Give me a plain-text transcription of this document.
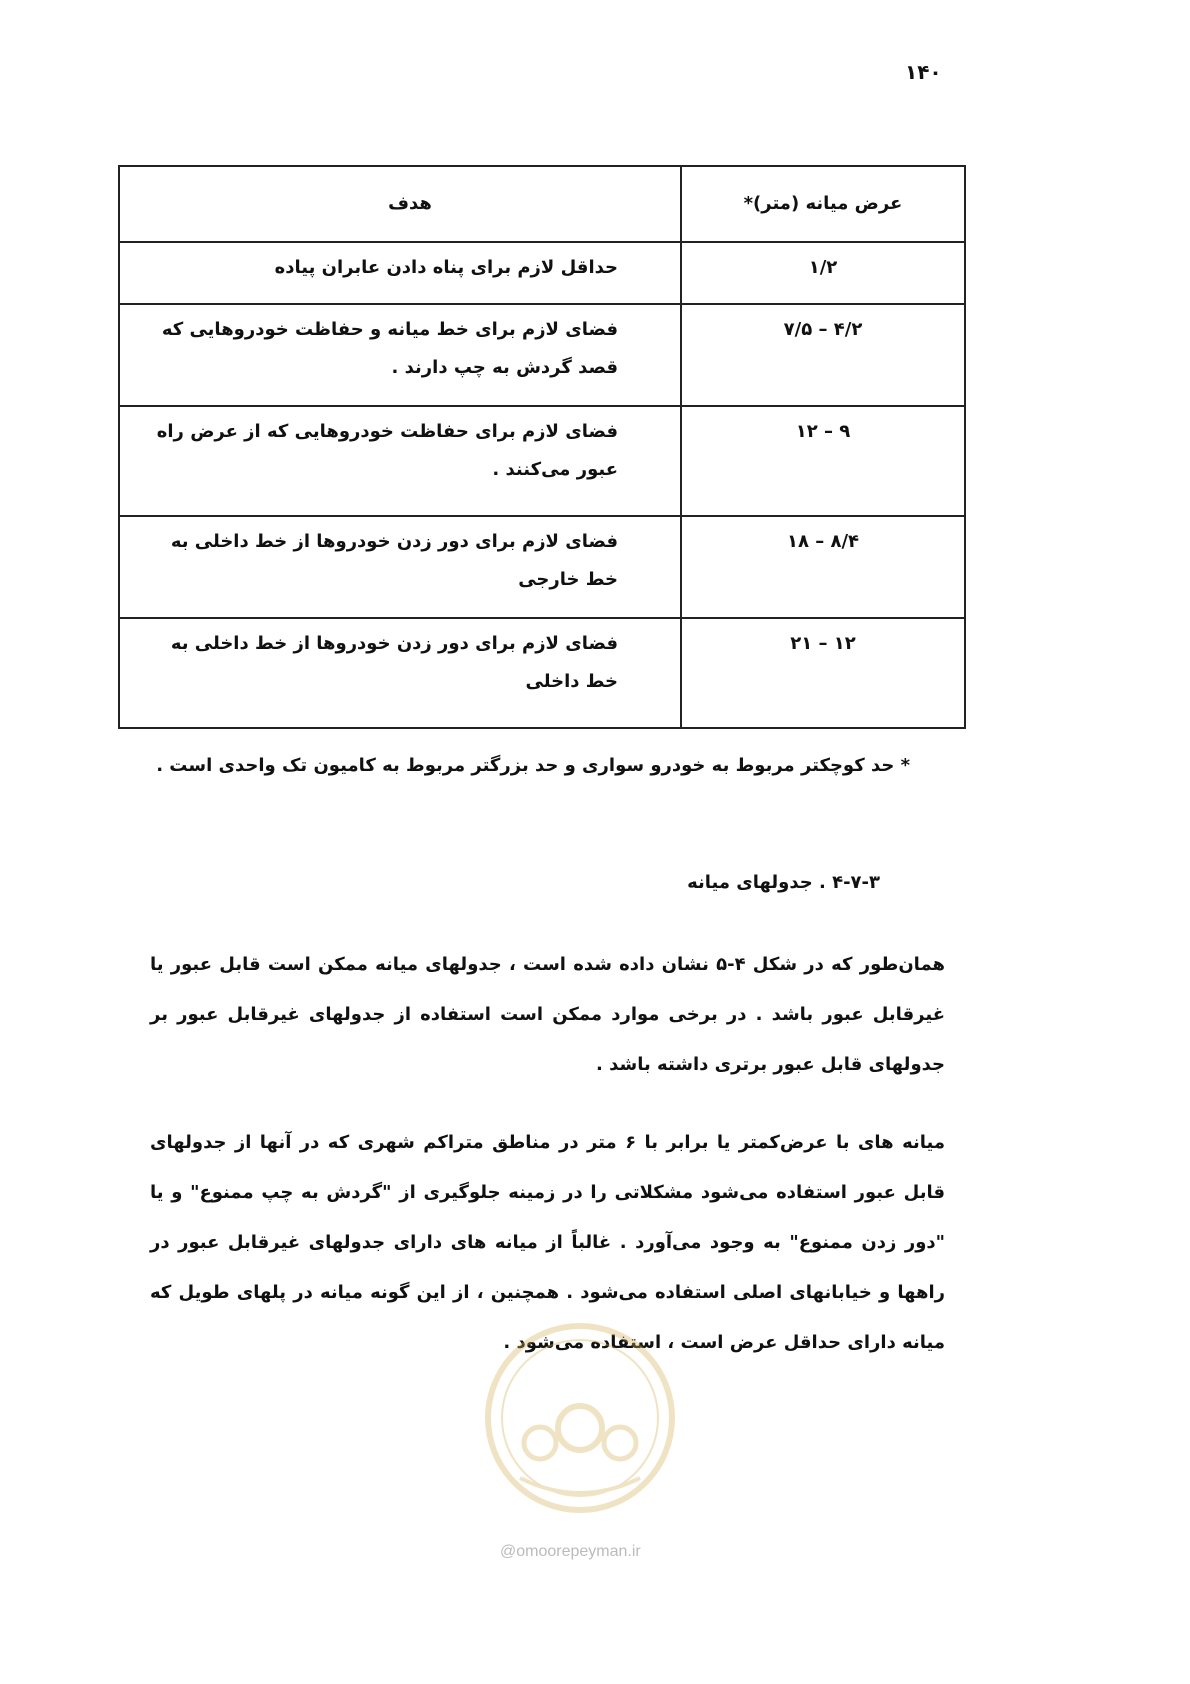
۱۴۰
عرض میانه (متر)*	هدف
۱/۲	حداقل لازم برای پناه دادن عابران پیاده
۴/۲ – ۷/۵	فضای لازم برای خط میانه و حفاظت خودروهایی که قصد گردش به چپ دارند .
۹ – ۱۲	فضای لازم برای حفاظت خودروهایی که از عرض راه عبور می‌کنند .
۸/۴ – ۱۸	فضای لازم برای دور زدن خودروها از خط داخلی به خط خارجی
۱۲ – ۲۱	فضای لازم برای دور زدن خودروها از خط داخلی به خط داخلی
* حد کوچکتر مربوط به خودرو سواری و حد بزرگتر مربوط به کامیون تک واحدی است .
۴-۷-۳ . جدولهای میانه
همان‌طور که در شکل ۴-۵ نشان داده شده است ، جدولهای میانه ممکن است قابل عبور یا غیرقابل عبور باشد . در برخی موارد ممکن است استفاده از جدولهای غیرقابل عبور بر جدولهای قابل عبور برتری داشته باشد .
میانه های با عرض‌کمتر یا برابر با ۶ متر در مناطق متراکم شهری که در آنها از جدولهای قابل عبور استفاده می‌شود مشکلاتی را در زمینه جلوگیری از "گردش به چپ ممنوع" و یا "دور زدن ممنوع" به وجود می‌آورد . غالباً از میانه های دارای جدولهای غیرقابل عبور در راهها و خیابانهای اصلی استفاده می‌شود . همچنین ، از این گونه میانه در پلهای طویل که میانه دارای حداقل عرض است ، استفاده می‌شود .
@omoorepeyman.ir
